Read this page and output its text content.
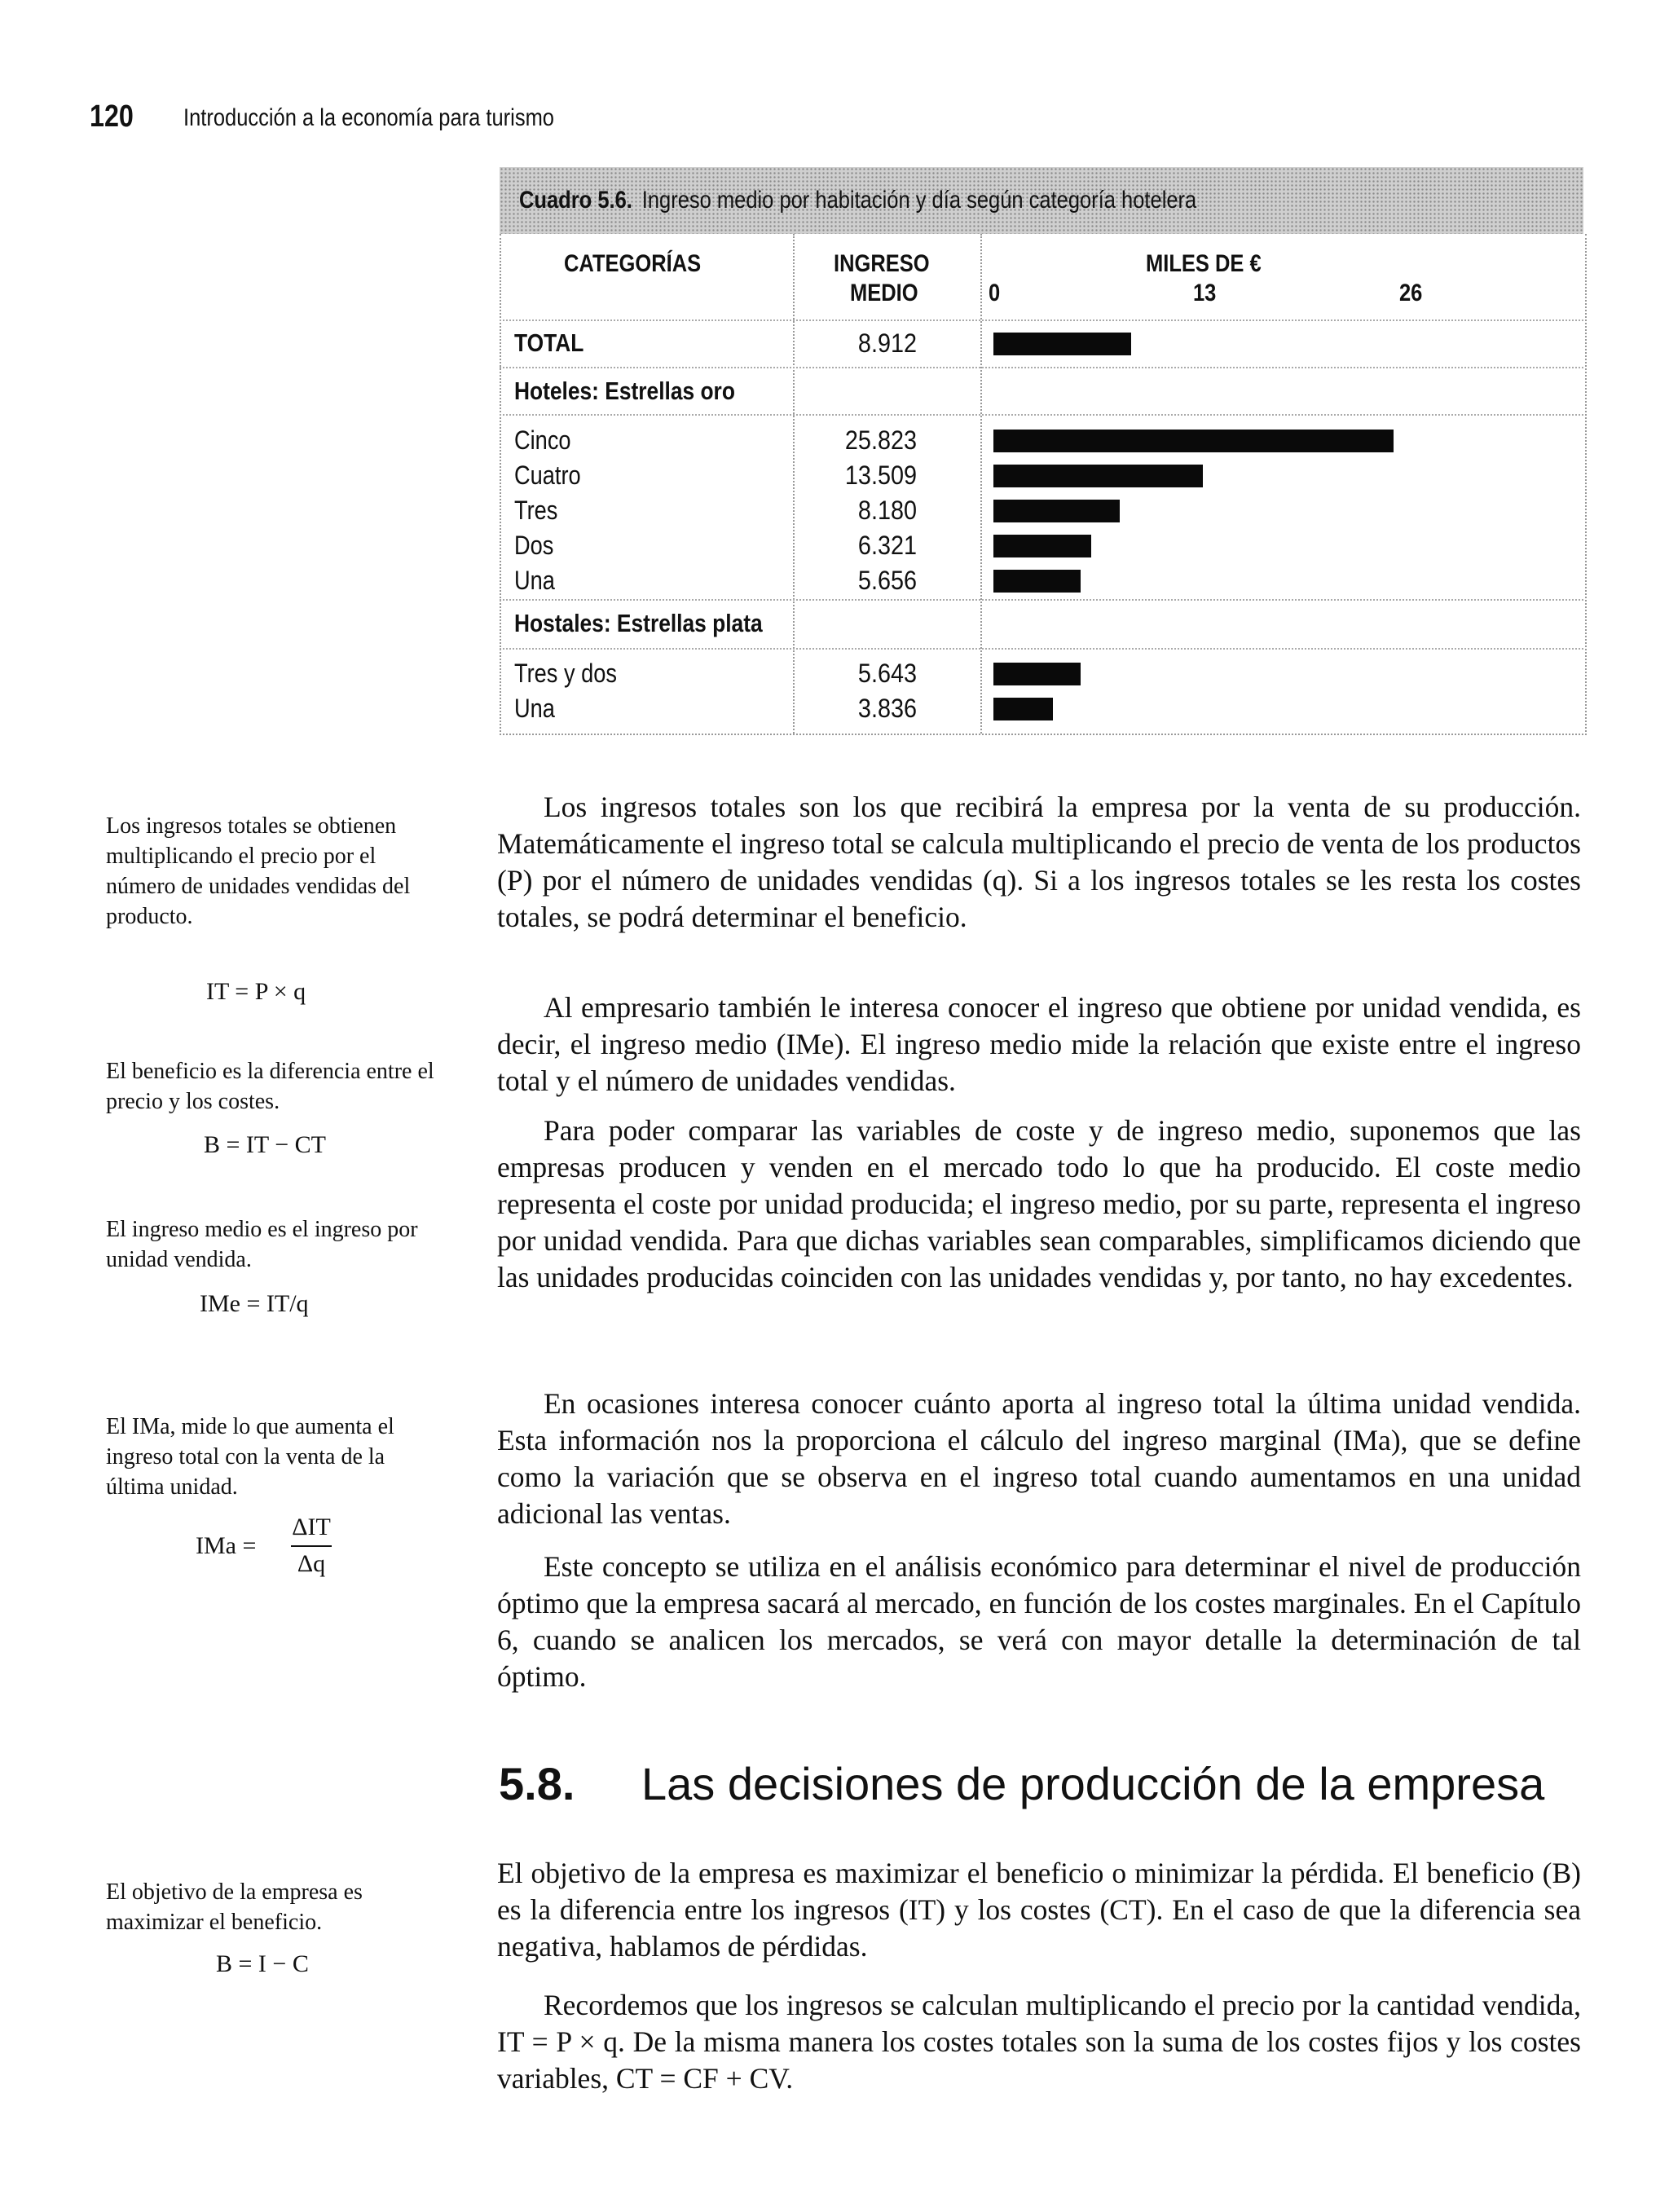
120 Introducción a la economía para turismo
Cuadro 5.6. Ingreso medio por habitación y día según categoría hotelera
CATEGORÍAS	INGRESO
MEDIO
MILES DE €
0	13	26
TOTAL	8.912
Hoteles: Estrellas oro
Cinco	25.823
Cuatro	13.509
Tres	8.180
Dos	6.321
Una	5.656
Hostales: Estrellas plata
Tres y dos	5.643
Una	3.836
Los ingresos totales se obtienen multiplicando el precio por el número de unidades vendidas del producto.
IT = P × q
El beneficio es la diferencia entre el precio y los costes.
B = IT − CT
El ingreso medio es el ingreso por unidad vendida.
IMe = IT/q
El IMa, mide lo que aumenta el ingreso total con la venta de la última unidad.
IMa =
ΔIT
Δq
El objetivo de la empresa es maximizar el beneficio.
B = I − C

Los ingresos totales son los que recibirá la empresa por la venta de su producción. Matemáticamente el ingreso total se calcula multiplicando el precio de venta de los productos (P) por el número de unidades vendidas (q). Si a los ingresos totales se les resta los costes totales, se podrá determinar el beneficio.

Al empresario también le interesa conocer el ingreso que obtiene por unidad vendida, es decir, el ingreso medio (IMe). El ingreso medio mide la relación que existe entre el ingreso total y el número de unidades vendidas.

Para poder comparar las variables de coste y de ingreso medio, suponemos que las empresas producen y venden en el mercado todo lo que ha producido. El coste medio representa el coste por unidad producida; el ingreso medio, por su parte, representa el ingreso por unidad vendida. Para que dichas variables sean comparables, simplificamos diciendo que las unidades producidas coinciden con las unidades vendidas y, por tanto, no hay excedentes.

En ocasiones interesa conocer cuánto aporta al ingreso total la última unidad vendida. Esta información nos la proporciona el cálculo del ingreso marginal (IMa), que se define como la variación que se observa en el ingreso total cuando aumentamos en una unidad adicional las ventas.

Este concepto se utiliza en el análisis económico para determinar el nivel de producción óptimo que la empresa sacará al mercado, en función de los costes marginales. En el Capítulo 6, cuando se analicen los mercados, se verá con mayor detalle la determinación de tal óptimo.

5.8. Las decisiones de producción de la empresa

El objetivo de la empresa es maximizar el beneficio o minimizar la pérdida. El beneficio (B) es la diferencia entre los ingresos (IT) y los costes (CT). En el caso de que la diferencia sea negativa, hablamos de pérdidas.

Recordemos que los ingresos se calculan multiplicando el precio por la cantidad vendida, IT = P × q. De la misma manera los costes totales son la suma de los costes fijos y los costes variables, CT = CF + CV.
